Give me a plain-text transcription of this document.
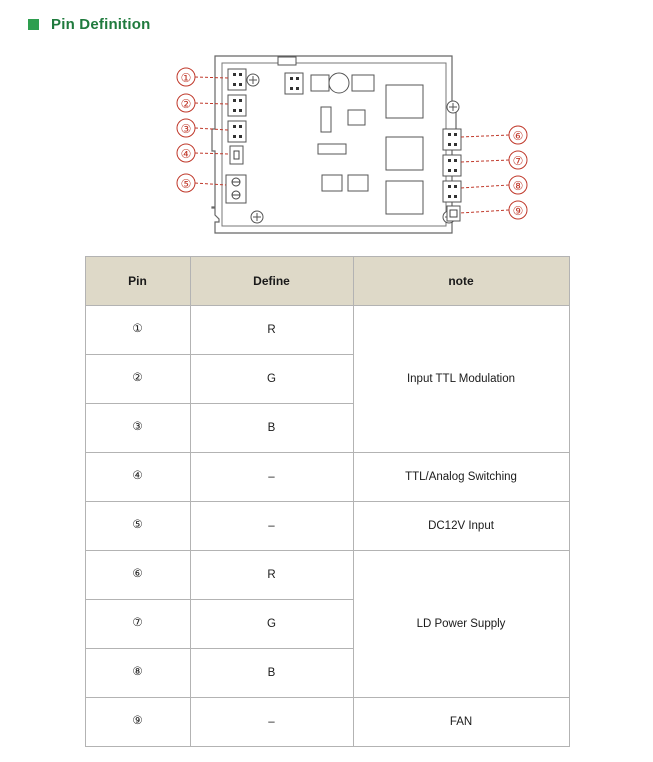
Pin Definition
①
②
③
④
⑤
⑥
⑦
⑧
⑨
Pin	Define	note
①	R	Input TTL Modulation
②	G	
③	B	
④	–	TTL/Analog Switching
⑤	–	DC12V Input
⑥	R	LD Power Supply
⑦	G	
⑧	B	
⑨	–	FAN
